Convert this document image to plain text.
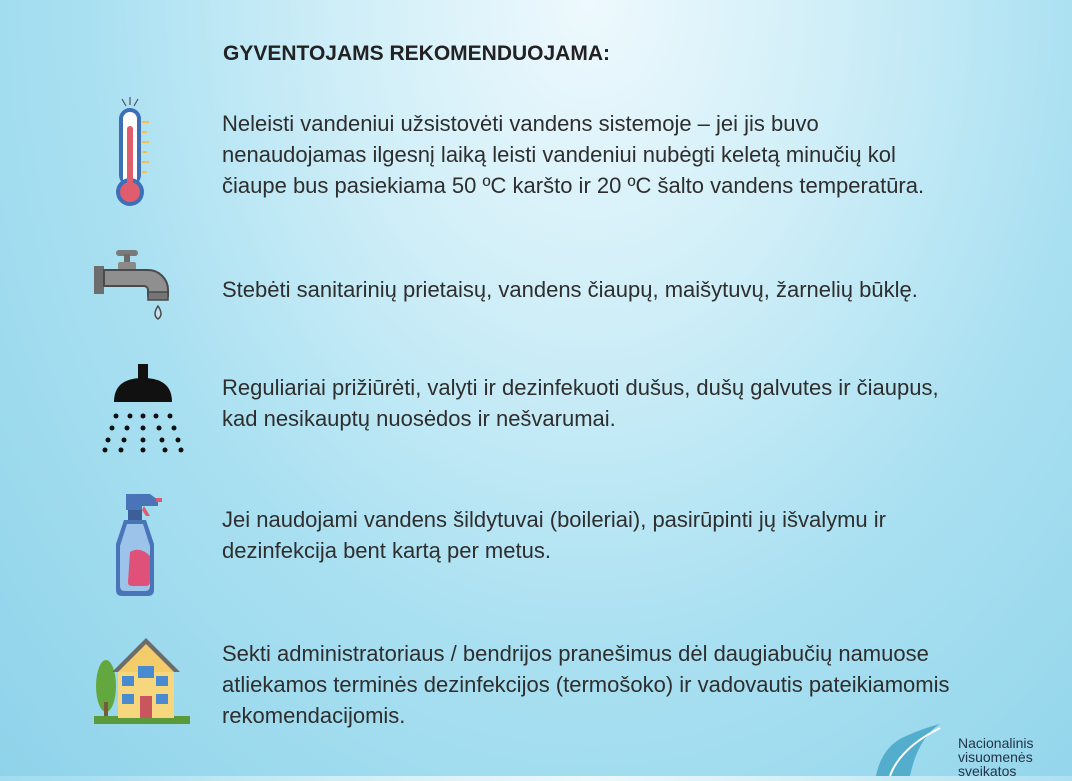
GYVENTOJAMS REKOMENDUOJAMA:
Neleisti vandeniui užsistovėti vandens sistemoje – jei jis buvo
nenaudojamas ilgesnį laiką leisti vandeniui nubėgti keletą minučių kol
čiaupe bus pasiekiama 50 ºC karšto ir 20 ºC šalto vandens temperatūra.
Stebėti sanitarinių prietaisų, vandens čiaupų, maišytuvų, žarnelių būklę.
Reguliariai prižiūrėti, valyti ir dezinfekuoti dušus, dušų galvutes ir čiaupus,
kad nesikauptų nuosėdos ir nešvarumai.
Jei naudojami vandens šildytuvai (boileriai), pasirūpinti jų išvalymu ir
dezinfekcija bent kartą per metus.
Sekti administratoriaus / bendrijos pranešimus dėl daugiabučių namuose
atliekamos terminės dezinfekcijos (termošoko) ir vadovautis pateikiamomis
rekomendacijomis.
Nacionalinis
visuomenės
sveikatos
